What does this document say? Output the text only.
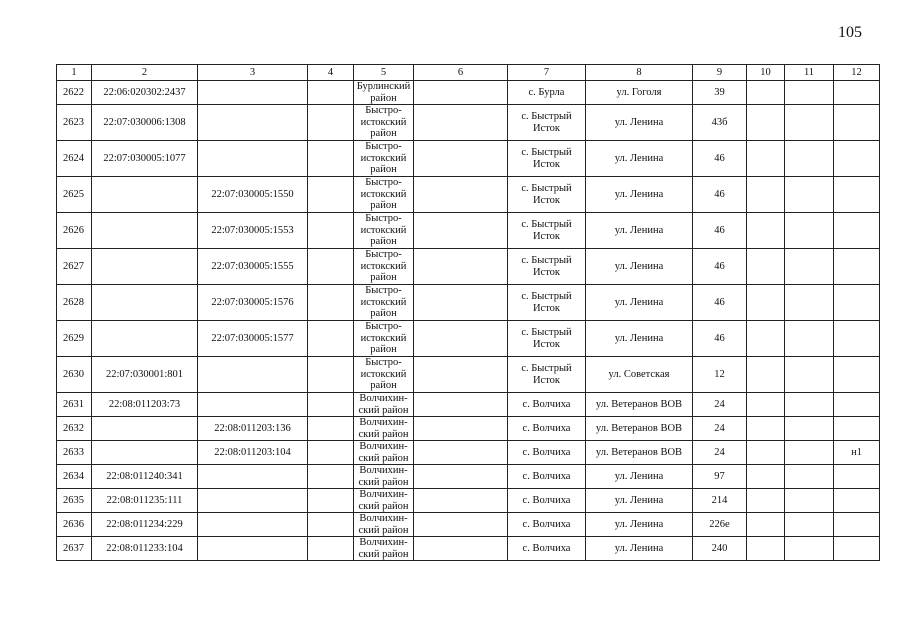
105
1	2	3	4	5	6	7	8	9	10	11	12
2622	22:06:020302:2437			Бурлинский район		с. Бурла	ул. Гоголя	39			
2623	22:07:030006:1308			Быстро-истокский район		с. Быстрый Исток	ул. Ленина	43б			
2624	22:07:030005:1077			Быстро-истокский район		с. Быстрый Исток	ул. Ленина	46			
2625		22:07:030005:1550		Быстро-истокский район		с. Быстрый Исток	ул. Ленина	46			
2626		22:07:030005:1553		Быстро-истокский район		с. Быстрый Исток	ул. Ленина	46			
2627		22:07:030005:1555		Быстро-истокский район		с. Быстрый Исток	ул. Ленина	46			
2628		22:07:030005:1576		Быстро-истокский район		с. Быстрый Исток	ул. Ленина	46			
2629		22:07:030005:1577		Быстро-истокский район		с. Быстрый Исток	ул. Ленина	46			
2630	22:07:030001:801			Быстро-истокский район		с. Быстрый Исток	ул. Советская	12			
2631	22:08:011203:73			Волчихин-ский район		с. Волчиха	ул. Ветеранов ВОВ	24			
2632		22:08:011203:136		Волчихин-ский район		с. Волчиха	ул. Ветеранов ВОВ	24			
2633		22:08:011203:104		Волчихин-ский район		с. Волчиха	ул. Ветеранов ВОВ	24			н1
2634	22:08:011240:341			Волчихин-ский район		с. Волчиха	ул. Ленина	97			
2635	22:08:011235:111			Волчихин-ский район		с. Волчиха	ул. Ленина	214			
2636	22:08:011234:229			Волчихин-ский район		с. Волчиха	ул. Ленина	226е			
2637	22:08:011233:104			Волчихин-ский район		с. Волчиха	ул. Ленина	240			
